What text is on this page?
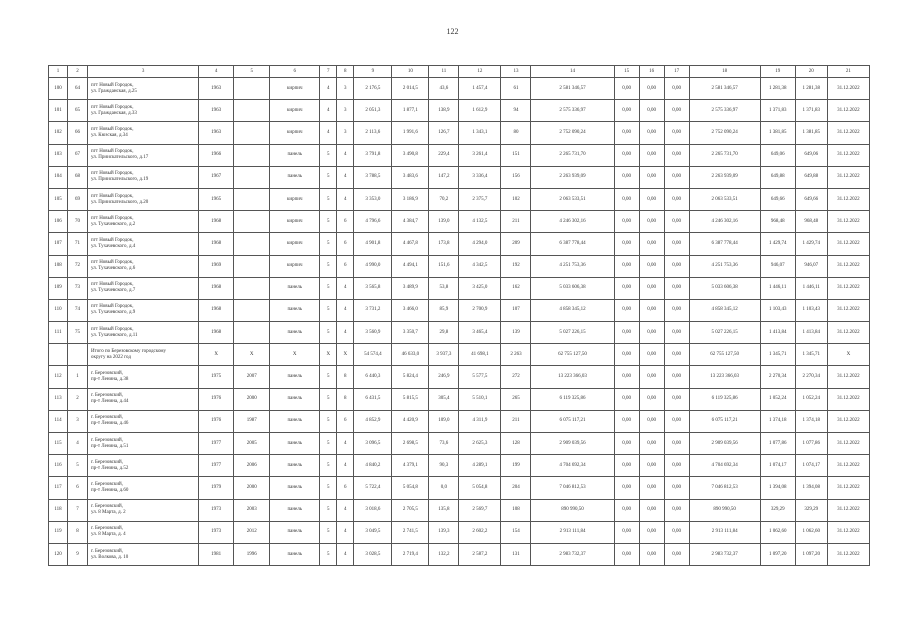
122
1	2	3	4	5	6	7	8	9	10	11	12	13	14	15	16	17	18	19	20	21
100	64	пгт Новый Городок,
ул. Гражданская, д.25	1963		кирпич	4	3	2 176,5	2 014,5	43,6	1 457,4	61	2 581 346,57	0,00	0,00	0,00	2 581 346,57	1 281,38	1 281,38	31.12.2022
101	65	пгт Новый Городок,
ул. Гражданская, д.33	1963		кирпич	4	3	2 051,3	1 877,1	138,9	1 612,9	94	2 575 336,97	0,00	0,00	0,00	2 575 336,97	1 371,83	1 371,83	31.12.2022
102	66	пгт Новый Городок,
ул. Кюзская, д.34	1963		кирпич	4	3	2 113,6	1 991,6	126,7	1 343,1	80	2 752 090,24	0,00	0,00	0,00	2 752 090,24	1 381,85	1 381,85	31.12.2022
103	67	пгт Новый Городок,
ул. Приискательского, д.17	1966		панель	5	4	3 791,8	3 490,8	229,4	3 261,4	151	2 265 731,70	0,00	0,00	0,00	2 265 731,70	649,06	649,06	31.12.2022
104	68	пгт Новый Городок,
ул. Приискательского, д.19	1967		панель	5	4	3 788,5	3 483,6	147,2	3 336,4	156	2 263 939,09	0,00	0,00	0,00	2 263 939,09	649,88	649,88	31.12.2022
105	69	пгт Новый Городок,
ул. Приискательского, д.20	1965		кирпич	5	4	3 353,0	3 186,9	70,2	2 375,7	102	2 063 533,51	0,00	0,00	0,00	2 063 533,51	649,66	649,66	31.12.2022
106	70	пгт Новый Городок,
ул. Тухачевского, д.2	1968		кирпич	5	6	4 796,6	4 384,7	139,0	4 132,5	211	4 246 302,16	0,00	0,00	0,00	4 246 302,16	968,48	968,48	31.12.2022
107	71	пгт Новый Городок,
ул. Тухачевского, д.4	1968		кирпич	5	6	4 901,8	4 467,8	173,8	4 294,0	209	6 387 778,44	0,00	0,00	0,00	6 387 778,44	1 429,74	1 429,74	31.12.2022
108	72	пгт Новый Городок,
ул. Тухачевского, д.6	1969		кирпич	5	6	4 990,0	4 494,1	151,6	4 342,5	192	4 251 753,36	0,00	0,00	0,00	4 251 753,36	946,07	946,07	31.12.2022
109	73	пгт Новый Городок,
ул. Тухачевского, д.7	1968		панель	5	4	3 565,8	3 489,9	53,8	3 425,0	162	5 033 606,38	0,00	0,00	0,00	5 033 606,38	1 446,11	1 446,11	31.12.2022
110	74	пгт Новый Городок,
ул. Тухачевского, д.9	1968		панель	5	4	3 731,2	3 466,0	85,9	2 700,9	107	4 858 345,12	0,00	0,00	0,00	4 858 345,12	1 103,43	1 103,43	31.12.2022
111	75	пгт Новый Городок,
ул. Тухачевского, д.11	1968		панель	5	4	3 560,9	3 350,7	29,8	3 465,4	139	5 027 226,15	0,00	0,00	0,00	5 027 226,15	1 413,84	1 413,84	31.12.2022
		Итого по Березовскому городскому
округу на 2022 год	X	X	X	X	X	54 574,4	46 633,0	3 937,3	41 698,1	2 263	62 755 127,50	0,00	0,00	0,00	62 755 127,50	1 345,71	1 345,71	X
112	1	г. Березовский,
пр-т Ленина, д.38	1975	2007	панель	5	8	6 440,3	5 824,4	246,9	5 577,5	272	13 223 366,03	0,00	0,00	0,00	13 223 366,03	2 270,34	2 270,34	31.12.2022
113	2	г. Березовский,
пр-т Ленина, д.44	1976	2000	панель	5	8	6 431,5	5 815,5	305,4	5 510,1	265	6 119 325,86	0,00	0,00	0,00	6 119 325,86	1 052,24	1 052,24	31.12.2022
114	3	г. Березовский,
пр-т Ленина, д.46	1976	1987	панель	5	6	4 852,9	4 420,9	109,0	4 311,9	211	6 075 117,21	0,00	0,00	0,00	6 075 117,21	1 374,18	1 374,18	31.12.2022
115	4	г. Березовский,
пр-т Ленина, д.51	1977	2005	панель	5	4	3 096,5	2 698,5	73,6	2 625,3	128	2 909 039,56	0,00	0,00	0,00	2 909 039,56	1 077,86	1 077,86	31.12.2022
116	5	г. Березовский,
пр-т Ленина, д.52	1977	2006	панель	5	4	4 840,2	4 379,1	90,3	4 289,1	199	4 704 692,34	0,00	0,00	0,00	4 704 692,34	1 074,17	1 074,17	31.12.2022
117	6	г. Березовский,
пр-т Ленина, д.60	1979	2000	панель	5	6	5 722,4	5 054,8	0,0	5 054,8	204	7 046 812,53	0,00	0,00	0,00	7 046 812,53	1 394,08	1 394,08	31.12.2022
118	7	г. Березовский,
ул. 8 Марта, д. 2	1973	2003	панель	5	4	3 018,6	2 705,5	135,8	2 569,7	108	890 990,50	0,00	0,00	0,00	890 990,50	329,29	329,29	31.12.2022
119	8	г. Березовский,
ул. 8 Марта, д. 4	1973	2012	панель	5	4	3 049,5	2 741,5	139,3	2 602,2	154	2 913 111,84	0,00	0,00	0,00	2 913 111,84	1 062,60	1 062,60	31.12.2022
120	9	г. Березовский,
ул. Волкова, д. 10	1981	1996	панель	5	4	3 028,5	2 719,4	132,2	2 587,2	131	2 983 732,37	0,00	0,00	0,00	2 983 732,37	1 097,20	1 097,20	31.12.2022
